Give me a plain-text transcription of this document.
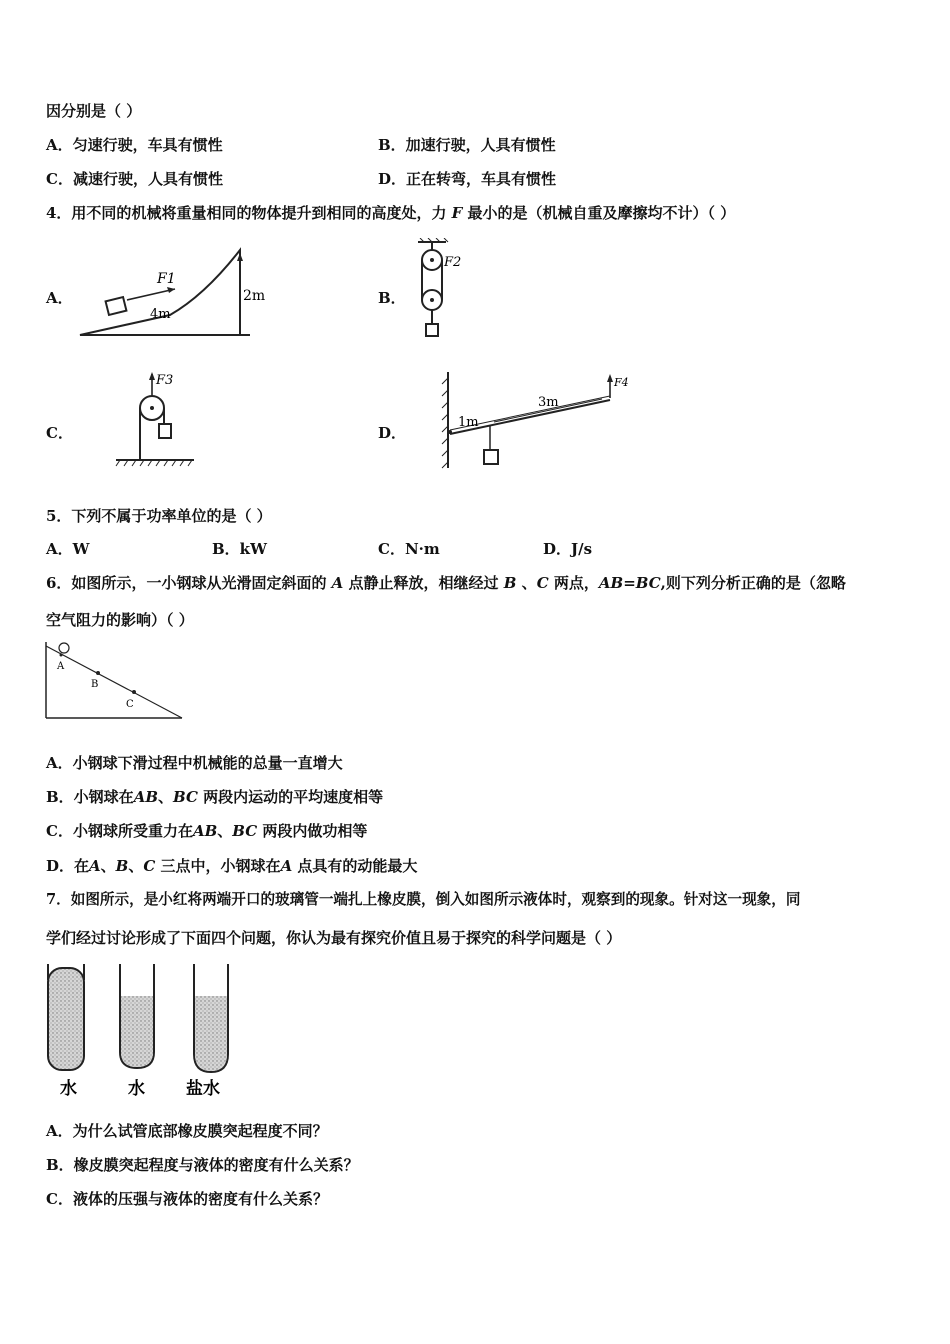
因分别是（ ）
A．匀速行驶，车具有惯性	B．加速行驶，人具有惯性
C．减速行驶，人具有惯性	D．正在转弯，车具有惯性
4．用不同的机械将重量相同的物体提升到相同的高度处，力 F 最小的是（机械自重及摩擦均不计）（ ）
A．
F1
4m
2m	B．
F2
C．
F3
D．
F4
1m
3m
5．下列不属于功率单位的是（ ）
A．W	B．kW	C．N·m	D．J/s
6．如图所示，一小钢球从光滑固定斜面的 A 点静止释放，相继经过 B 、C 两点，AB=BC,则下列分析正确的是（忽略
空气阻力的影响）（ ）
A
B
C
A．小钢球下滑过程中机械能的总量一直增大
B．小钢球在AB、BC 两段内运动的平均速度相等
C．小钢球所受重力在AB、BC 两段内做功相等
D．在A、B、C 三点中，小钢球在A 点具有的动能最大
7．如图所示，是小红将两端开口的玻璃管一端扎上橡皮膜，倒入如图所示液体时，观察到的现象。针对这一现象，同
学们经过讨论形成了下面四个问题，你认为最有探究价值且易于探究的科学问题是（ ）
水	水 盐水
A．为什么试管底部橡皮膜突起程度不同？
B．橡皮膜突起程度与液体的密度有什么关系？
C．液体的压强与液体的密度有什么关系？
